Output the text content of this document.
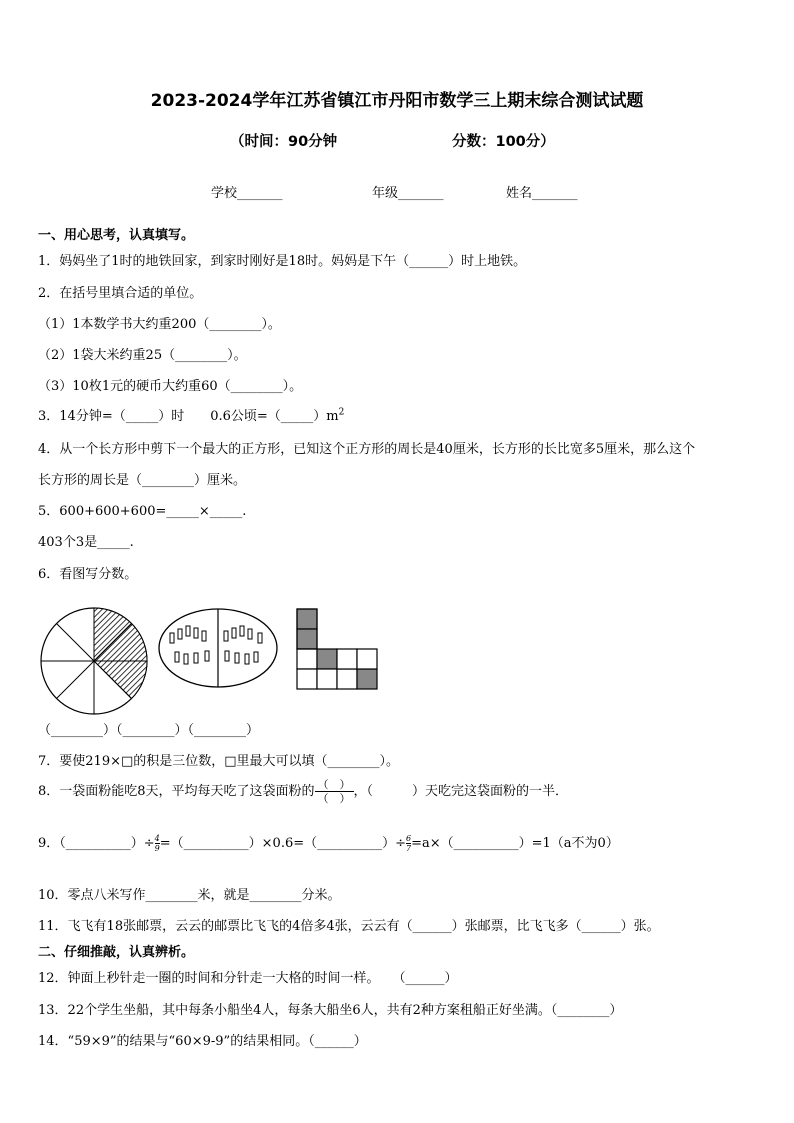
2023-2024学年江苏省镇江市丹阳市数学三上期末综合测试试题
（时间：90分钟	分数：100分）
学校_______	年级_______	姓名_______
一、用心思考，认真填写。
1．妈妈坐了1时的地铁回家，到家时刚好是18时。妈妈是下午（______）时上地铁。
2．在括号里填合适的单位。
（1）1本数学书大约重200（________）。
（2）1袋大米约重25（________）。
（3）10枚1元的硬币大约重60（________）。
3．14分钟=（_____）时　　0.6公顷$=(\_\_\_\_\_)m^2$
4．从一个长方形中剪下一个最大的正方形，已知这个正方形的周长是40厘米，长方形的长比宽多5厘米，那么这个
长方形的周长是（________）厘米。
5．600+600+600=_____×_____.
403个3是_____.
6．看图写分数。
（________）（________）（________）
7．要使219×□的积是三位数，□里最大可以填（________）。
8．一袋面粉能吃8天，平均每天吃了这袋面粉的 $\frac{( )}{( )}$ ，（　　　）天吃完这袋面粉的一半．
9．（__________）÷ $\frac{4}{9}$ =（__________）×0.6=（__________）÷ $\frac{6}{7}$ =a×（__________）=1（a不为0）
10．零点八米写作________米，就是________分米。
11．飞飞有18张邮票，云云的邮票比飞飞的4倍多4张，云云有（______）张邮票，比飞飞多（______）张。
二、仔细推敲，认真辨析。
12．钟面上秒针走一圈的时间和分针走一大格的时间一样。　　（______）
13．22个学生坐船，其中每条小船坐4人，每条大船坐6人，共有2种方案租船正好坐满。（________）
14．“59×9”的结果与“60×9-9”的结果相同。（______）
